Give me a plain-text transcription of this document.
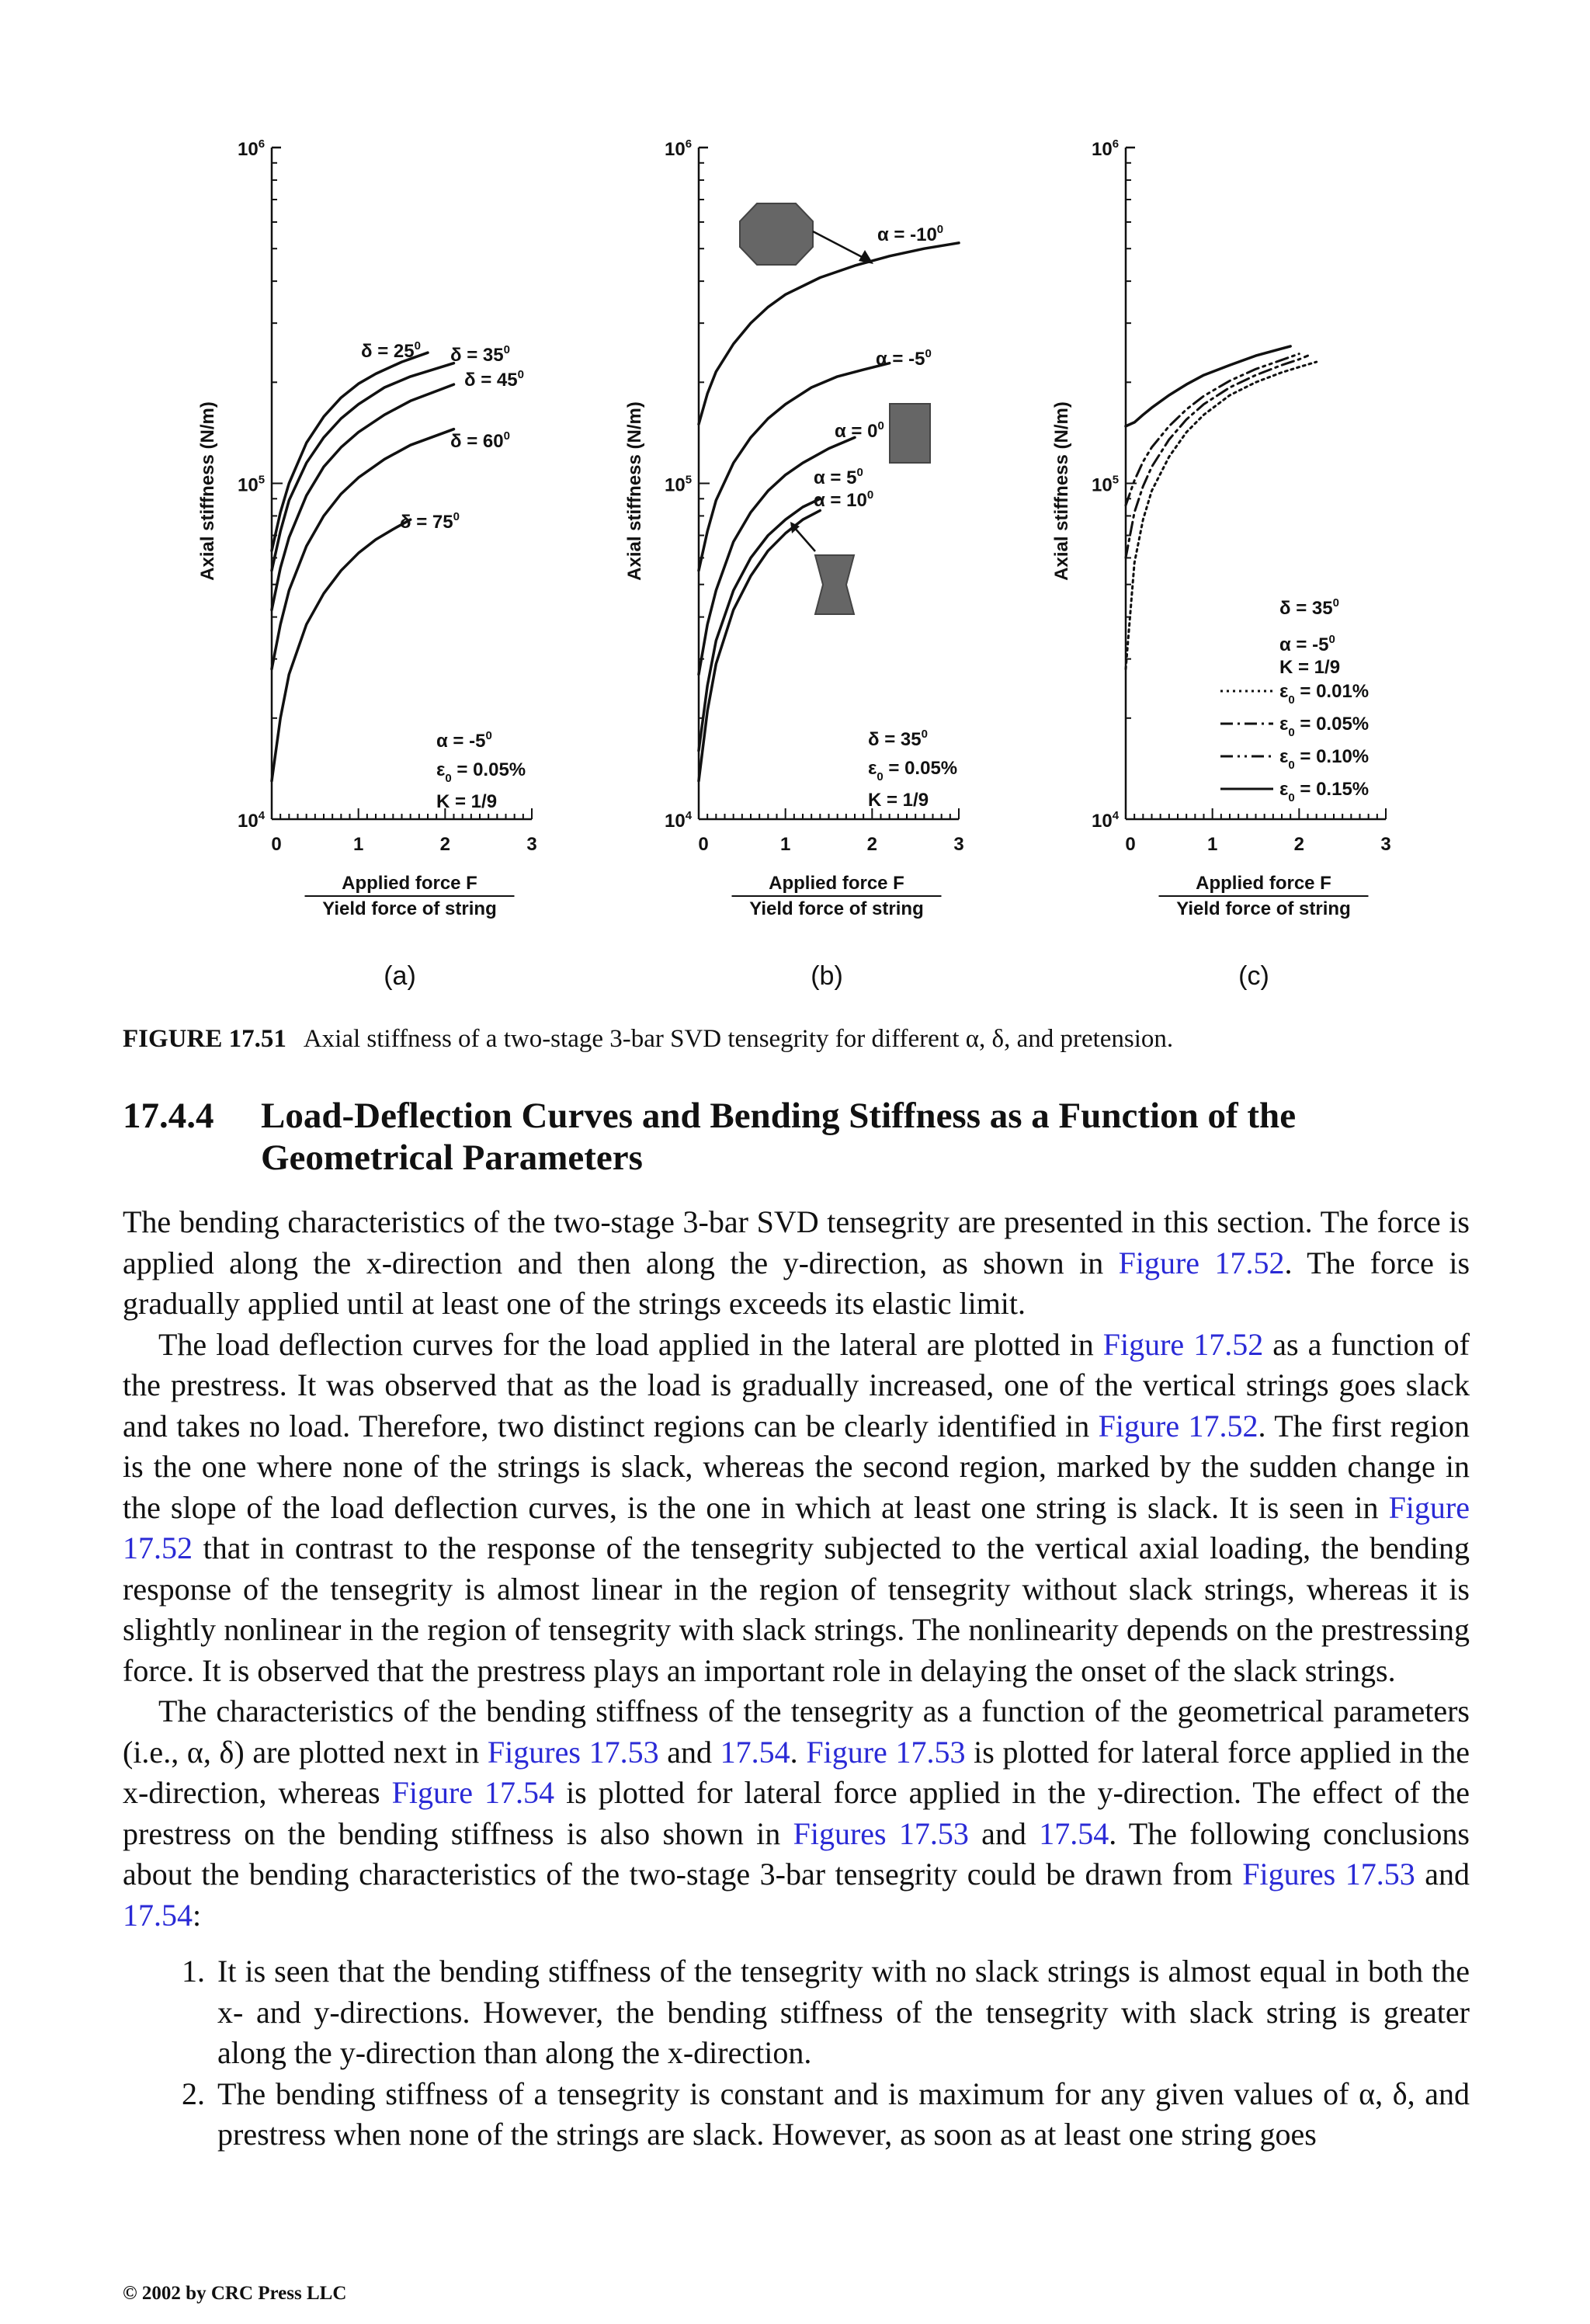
$10^4$
$10^5$
$10^6$
0	1	2	3
Axial stiffness (N/m)
Applied force F
Yield force of string
$10^4$
$10^5$
$10^6$
0	1	2	3
Axial stiffness (N/m)
Applied force F
Yield force of string
$10^4$
$10^5$
$10^6$
0	1	2	3
Axial stiffness (N/m)
Applied force F
Yield force of string
$\delta = 25^0$ $\delta = 35^0$
$\delta = 45^0$
$\delta = 60^0$
$\delta = 75^0$
$\alpha = -5^0$
$\varepsilon_0 = 0.05\%$
K = 1/9
$\alpha = -10^0$
$\alpha = -5^0$
$\alpha = 0^0$
$\alpha = 5^0$
$\alpha = 10^0$
$\delta = 35^0$
$\varepsilon_0 = 0.05\%$
K = 1/9
$\delta = 35^0$
$\alpha = -5^0$
K = 1/9
$\varepsilon_0 = 0.01\%$
$\varepsilon_0 = 0.05\%$
$\varepsilon_0 = 0.10\%$
$\varepsilon_0 = 0.15\%$
(a)	(b)	(c)
FIGURE 17.51 Axial stiffness of a two-stage 3-bar SVD tensegrity for different α, δ, and pretension.
17.4.4 Load-Deflection Curves and Bending Stiffness as a Function of the Geometrical Parameters

The bending characteristics of the two-stage 3-bar SVD tensegrity are presented in this section. The force is applied along the x-direction and then along the y-direction, as shown in Figure 17.52. The force is gradually applied until at least one of the strings exceeds its elastic limit.

The load deflection curves for the load applied in the lateral are plotted in Figure 17.52 as a function of the prestress. It was observed that as the load is gradually increased, one of the vertical strings goes slack and takes no load. Therefore, two distinct regions can be clearly identified in Figure 17.52. The first region is the one where none of the strings is slack, whereas the second region, marked by the sudden change in the slope of the load deflection curves, is the one in which at least one string is slack. It is seen in Figure 17.52 that in contrast to the response of the tensegrity subjected to the vertical axial loading, the bending response of the tensegrity is almost linear in the region of tensegrity without slack strings, whereas it is slightly nonlinear in the region of tensegrity with slack strings. The nonlinearity depends on the prestressing force. It is observed that the prestress plays an important role in delaying the onset of the slack strings.

The characteristics of the bending stiffness of the tensegrity as a function of the geometrical parameters (i.e., α, δ) are plotted next in Figures 17.53 and 17.54. Figure 17.53 is plotted for lateral force applied in the x-direction, whereas Figure 17.54 is plotted for lateral force applied in the y-direction. The effect of the prestress on the bending stiffness is also shown in Figures 17.53 and 17.54. The following conclusions about the bending characteristics of the two-stage 3-bar tensegrity could be drawn from Figures 17.53 and 17.54:

1. It is seen that the bending stiffness of the tensegrity with no slack strings is almost equal in both the x- and y-directions. However, the bending stiffness of the tensegrity with slack string is greater along the y-direction than along the x-direction.
2. The bending stiffness of a tensegrity is constant and is maximum for any given values of α, δ, and prestress when none of the strings are slack. However, as soon as at least one string goes
© 2002 by CRC Press LLC
